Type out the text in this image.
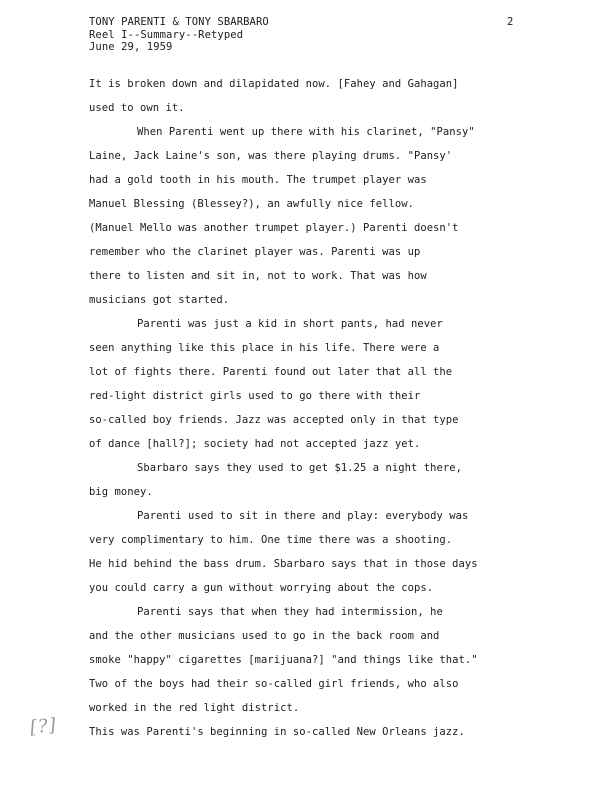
TONY PARENTI & TONY SBARBARO
Reel I--Summary--Retyped
June 29, 1959
2
It is broken down and dilapidated now. [Fahey and Gahagan]
used to own it.
When Parenti went up there with his clarinet, "Pansy"
Laine, Jack Laine's son, was there playing drums. "Pansy'
had a gold tooth in his mouth. The trumpet player was
Manuel Blessing (Blessey?), an awfully nice fellow.
(Manuel Mello was another trumpet player.) Parenti doesn't
remember who the clarinet player was. Parenti was up
there to listen and sit in, not to work. That was how
musicians got started.
Parenti was just a kid in short pants, had never
seen anything like this place in his life. There were a
lot of fights there. Parenti found out later that all the
red-light district girls used to go there with their
so-called boy friends. Jazz was accepted only in that type
of dance [hall?]; society had not accepted jazz yet.
Sbarbaro says they used to get $1.25 a night there,
big money.
Parenti used to sit in there and play: everybody was
very complimentary to him. One time there was a shooting.
He hid behind the bass drum. Sbarbaro says that in those days
you could carry a gun without worrying about the cops.
Parenti says that when they had intermission, he
and the other musicians used to go in the back room and
smoke "happy" cigarettes [marijuana?] "and things like that."
Two of the boys had their so-called girl friends, who also
worked in the red light district.
This was Parenti's beginning in so-called New Orleans jazz.
[?]
